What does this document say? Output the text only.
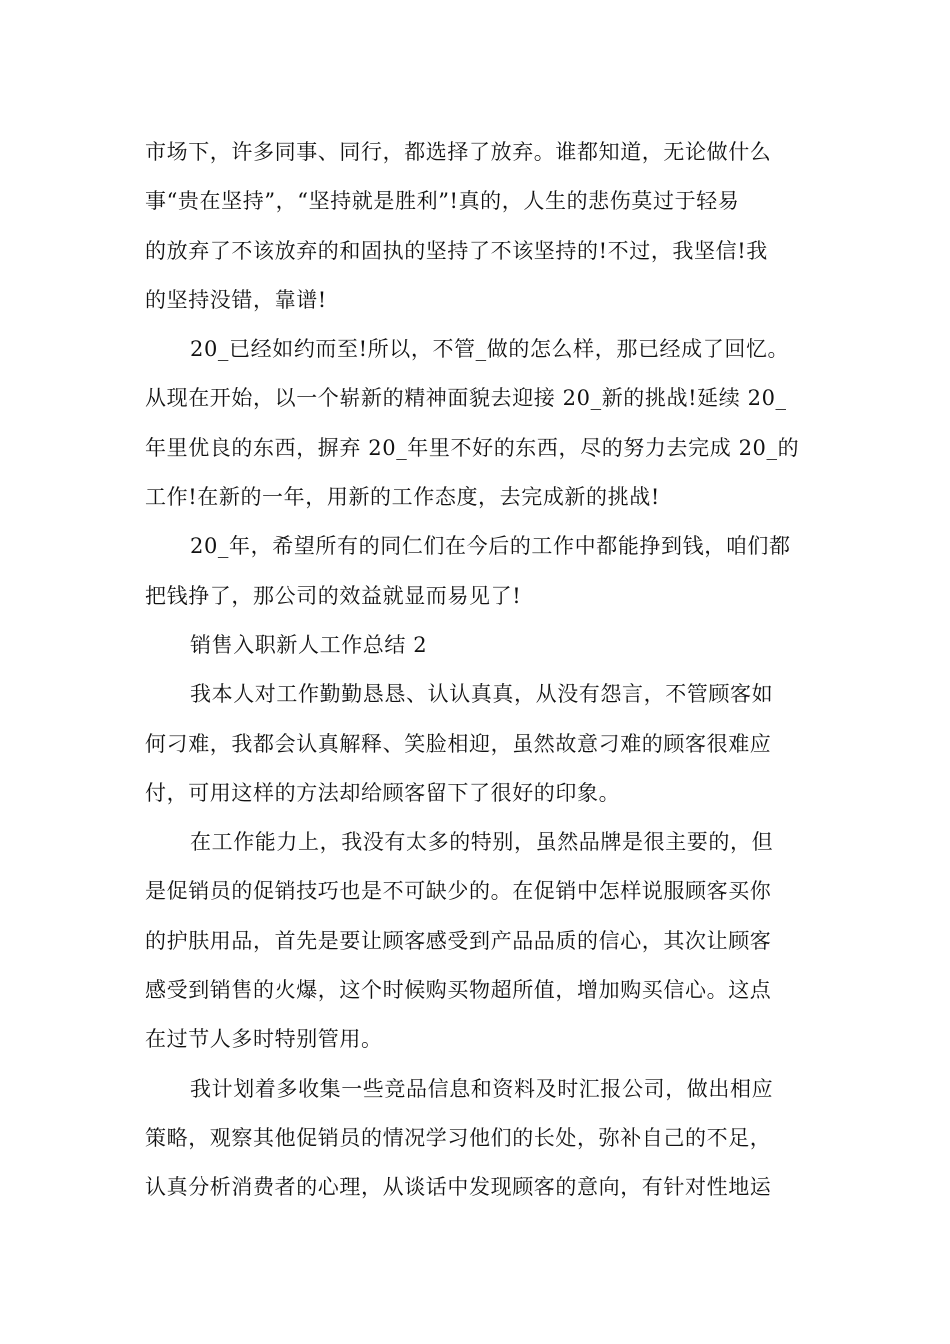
市场下，许多同事、同行，都选择了放弃。谁都知道，无论做什么
事“贵在坚持”，“坚持就是胜利”!真的，人生的悲伤莫过于轻易
的放弃了不该放弃的和固执的坚持了不该坚持的!不过，我坚信!我
的坚持没错，靠谱!
20_已经如约而至!所以，不管_做的怎么样，那已经成了回忆。
从现在开始，以一个崭新的精神面貌去迎接 20_新的挑战!延续 20_
年里优良的东西，摒弃 20_年里不好的东西，尽的努力去完成 20_的
工作!在新的一年，用新的工作态度，去完成新的挑战!
20_年，希望所有的同仁们在今后的工作中都能挣到钱，咱们都
把钱挣了，那公司的效益就显而易见了!
销售入职新人工作总结 2
我本人对工作勤勤恳恳、认认真真，从没有怨言，不管顾客如
何刁难，我都会认真解释、笑脸相迎，虽然故意刁难的顾客很难应
付，可用这样的方法却给顾客留下了很好的印象。
在工作能力上，我没有太多的特别，虽然品牌是很主要的，但
是促销员的促销技巧也是不可缺少的。在促销中怎样说服顾客买你
的护肤用品，首先是要让顾客感受到产品品质的信心，其次让顾客
感受到销售的火爆，这个时候购买物超所值，增加购买信心。这点
在过节人多时特别管用。
我计划着多收集一些竞品信息和资料及时汇报公司，做出相应
策略，观察其他促销员的情况学习他们的长处，弥补自己的不足，
认真分析消费者的心理，从谈话中发现顾客的意向，有针对性地运
